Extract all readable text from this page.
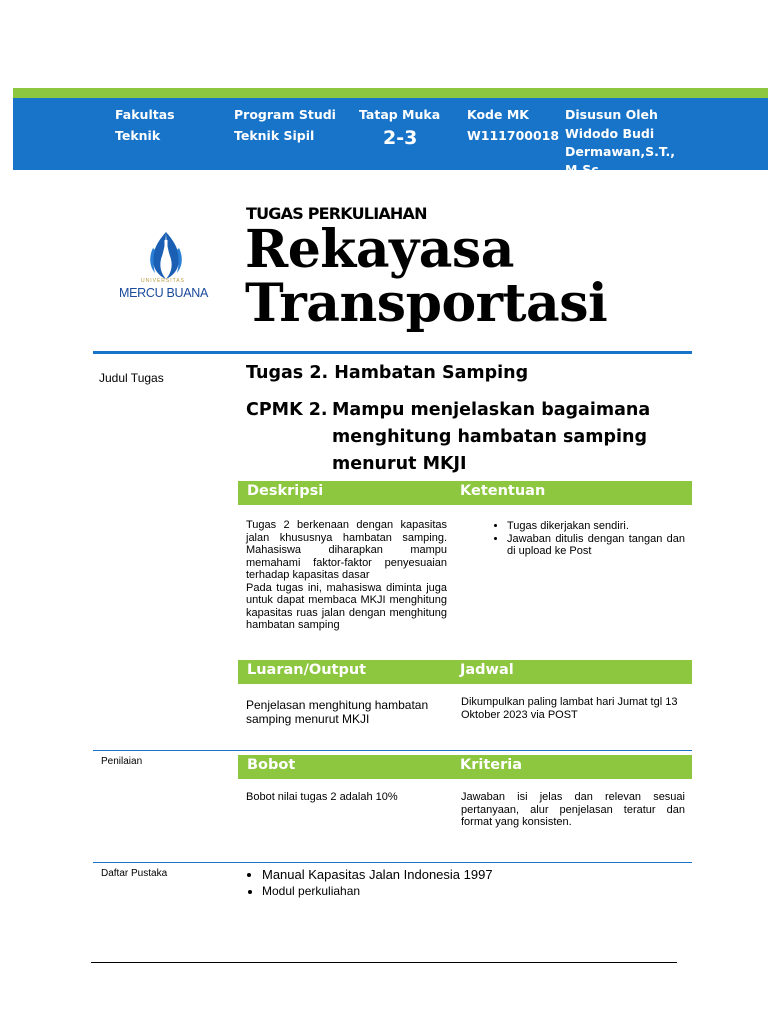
Fakultas
Teknik
Program Studi
Teknik Sipil
Tatap Muka
2-3
Kode MK
W111700018
Disusun Oleh
Widodo Budi Dermawan,S.T.,
M.Sc.
UNIVERSITAS
MERCU BUANA
TUGAS PERKULIAHAN
Rekayasa
Transportasi
Judul Tugas	Tugas 2. Hambatan Samping
CPMK 2. Mampu menjelaskan bagaimana menghitung hambatan samping menurut MKJI
Deskripsi	Ketentuan
Tugas 2 berkenaan dengan kapasitas jalan khususnya hambatan samping. Mahasiswa diharapkan mampu memahami faktor-faktor penyesuaian terhadap kapasitas dasar
Pada tugas ini, mahasiswa diminta juga untuk dapat membaca MKJI menghitung kapasitas ruas jalan dengan menghitung hambatan samping
• Tugas dikerjakan sendiri.
• Jawaban ditulis dengan tangan dan di upload ke Post
Luaran/Output	Jadwal
Penjelasan menghitung hambatan samping menurut MKJI
Dikumpulkan paling lambat hari Jumat tgl 13 Oktober 2023 via POST
Penilaian	Bobot	Kriteria
Bobot nilai tugas 2 adalah 10%	Jawaban isi jelas dan relevan sesuai pertanyaan, alur penjelasan teratur dan format yang konsisten.
Daftar Pustaka
•	Manual Kapasitas Jalan Indonesia 1997
• Modul perkuliahan
